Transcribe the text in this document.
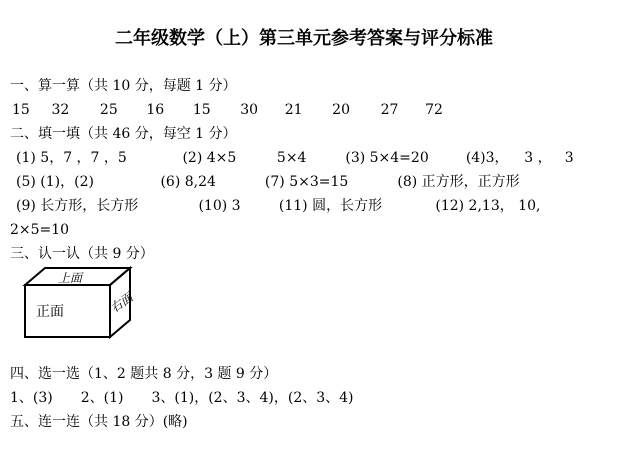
二年级数学（上）第三单元参考答案与评分标准
一、算一算（共 10 分，每题 1 分）
15 32 25 16 15 30 21 20 27 72
二、填一填（共 46 分，每空 1 分）
(1) 5，7 ，7 ，5	(2) 4×5	5×4	(3) 5×4=20	(4)3， 3 ， 3
(5) (1)，(2)	(6) 8,24	(7) 5×3=15	(8) 正方形，正方形
(9) 长方形，长方形	(10) 3	(11) 圆，长方形	(12) 2,13， 10,
2×5=10
三、认一认（共 9 分）
上面
正面	右面
四、选一选（1、2 题共 8 分，3 题 9 分）
1、(3)　　2、(1)　　3、(1)，(2、3、4)，(2、3、4)
五、连一连（共 18 分）(略)
